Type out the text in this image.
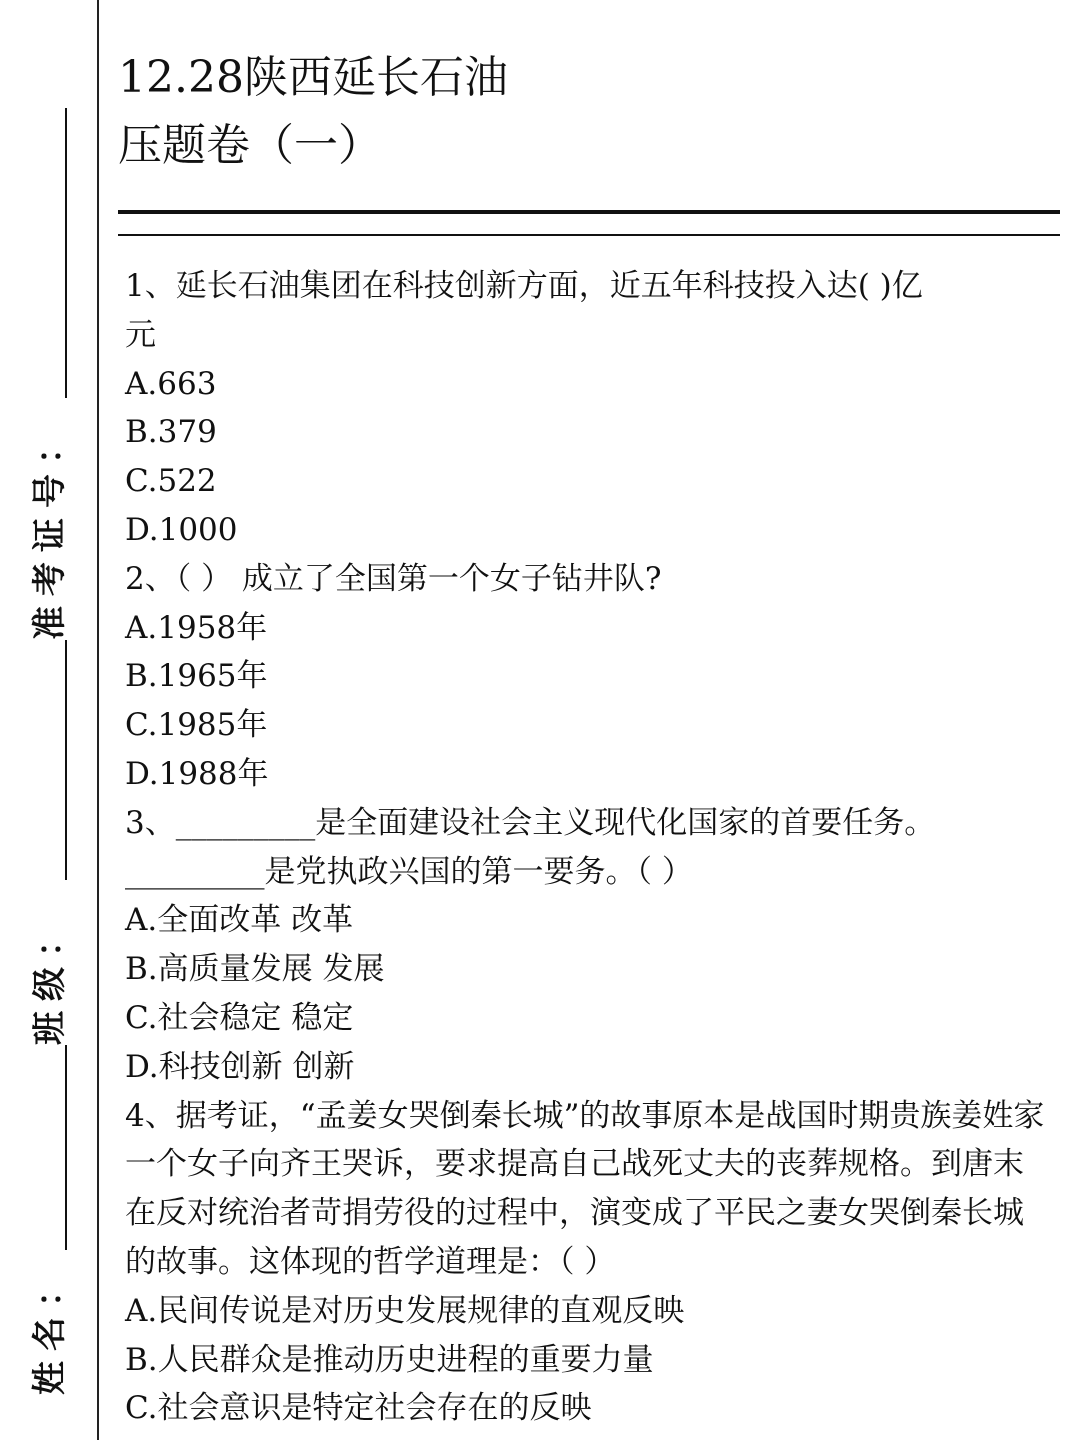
准考证号：
班级：
姓名：
12.28陕西延长石油
压题卷（一）
1、延长石油集团在科技创新方面，近五年科技投入达( )亿
元
A.663
B.379
C.522
D.1000
2、（ ） 成立了全国第一个女子钻井队?
A.1958年
B.1965年
C.1985年
D.1988年
3、_________是全面建设社会主义现代化国家的首要任务。
_________是党执政兴国的第一要务。（ ）
A.全面改革 改革
B.高质量发展 发展
C.社会稳定 稳定
D.科技创新 创新
4、据考证，“孟姜女哭倒秦长城”的故事原本是战国时期贵族姜姓家一个女子向齐王哭诉，要求提高自己战死丈夫的丧葬规格。到唐末在反对统治者苛捐劳役的过程中，演变成了平民之妻女哭倒秦长城的故事。这体现的哲学道理是：（ ）
A.民间传说是对历史发展规律的直观反映
B.人民群众是推动历史进程的重要力量
C.社会意识是特定社会存在的反映
